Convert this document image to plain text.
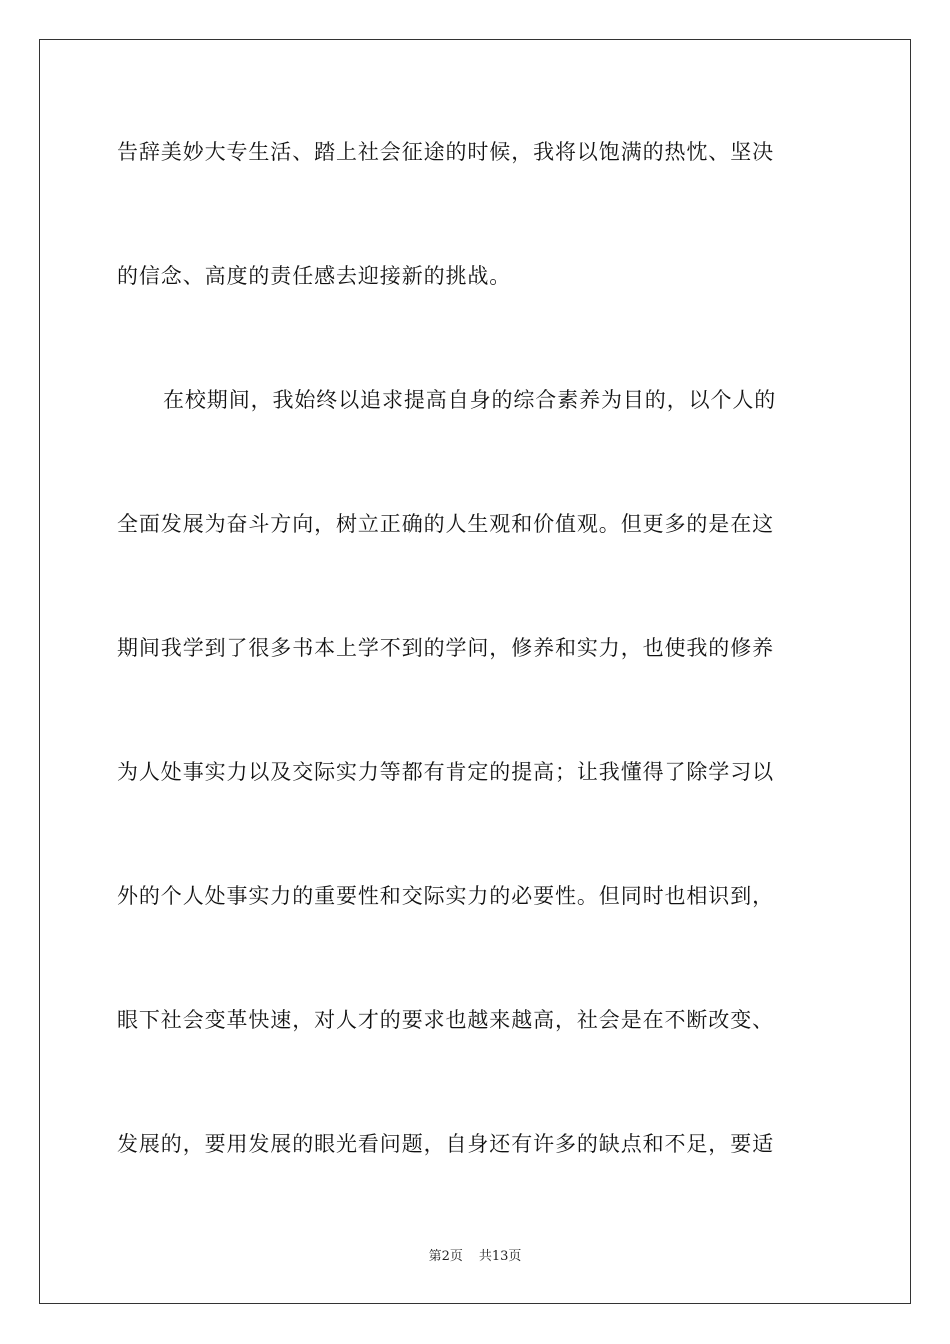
告辞美妙大专生活、踏上社会征途的时候，我将以饱满的热忱、坚决
的信念、高度的责任感去迎接新的挑战。
在校期间，我始终以追求提高自身的综合素养为目的，以个人的
全面发展为奋斗方向，树立正确的人生观和价值观。但更多的是在这
期间我学到了很多书本上学不到的学问，修养和实力，也使我的修养
为人处事实力以及交际实力等都有肯定的提高；让我懂得了除学习以
外的个人处事实力的重要性和交际实力的必要性。但同时也相识到，
眼下社会变革快速，对人才的要求也越来越高，社会是在不断改变、
发展的，要用发展的眼光看问题，自身还有许多的缺点和不足，要适
第2页 共13页
